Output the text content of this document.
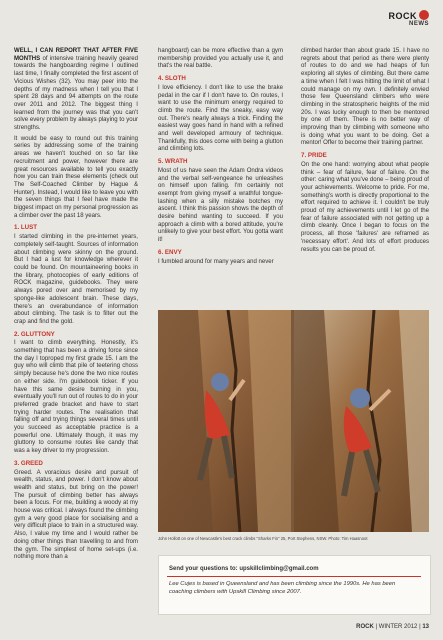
ROCK
NEWS

WELL, I CAN REPORT THAT AFTER FIVE MONTHS of intensive training heavily geared towards the hangboarding regime I outlined last time, I finally completed the first ascent of Vicious Wishes (32). You may peer into the depths of my madness when I tell you that I spent 28 days and 94 attempts on the route over 2011 and 2012. The biggest thing I learned from the journey was that you can't solve every problem by always playing to your strengths.

It would be easy to round out this training series by addressing some of the training areas we haven't touched on so far like recruitment and power, however there are great resources available to tell you exactly how you can train these elements (check out The Self-Coached Climber by Hague & Hunter). Instead, I would like to leave you with the seven things that I feel have made the biggest impact on my personal progression as a climber over the past 18 years.

1. LUST

I started climbing in the pre-internet years, completely self-taught. Sources of information about climbing were skinny on the ground. But I had a lust for knowledge wherever it could be found. On mountaineering books in the library, photocopies of early editions of ROCK magazine, guidebooks. They were always pored over and memorised by my sponge-like adolescent brain. These days, there's an overabundance of information about climbing. The task is to filter out the crap and find the gold.

2. GLUTTONY

I want to climb everything. Honestly, it's something that has been a driving force since the day I toproped my first grade 15. I am the guy who will climb that pile of teetering choss simply because he's done the two nice routes on either side. I'm guidebook ticker. If you have this same desire burning in you, eventually you'll run out of routes to do in your preferred grade bracket and have to start trying harder routes. The realisation that falling off and trying things several times until you succeed as acceptable practice is a powerful one. Ultimately though, it was my gluttony to consume routes like candy that was a key driver to my progression.

3. GREED

Greed. A voracious desire and pursuit of wealth, status, and power. I don't know about wealth and status, but bring on the power! The pursuit of climbing better has always been a focus. For me, building a woody at my house was critical. I always found the climbing gym a very good place for socialising and a very difficult place to train in a structured way. Also, I value my time and I would rather be doing other things than travelling to and from the gym. The simplest of home set-ups (i.e. nothing more than a

hangboard) can be more effective than a gym membership provided you actually use it, and that's the real battle.

4. SLOTH

I love efficiency. I don't like to use the brake pedal in the car if I don't have to. On routes, I want to use the minimum energy required to climb the route. Find the sneaky, easy way out. There's nearly always a trick. Finding the easiest way goes hand in hand with a refined and well developed armoury of technique. Thankfully, this does come with being a glutton and climbing lots.

5. WRATH

Most of us have seen the Adam Ondra videos and the verbal self-vengeance he unleashes on himself upon falling. I'm certainly not exempt from giving myself a wrathful tongue-lashing when a silly mistake botches my ascent. I think this passion shows the depth of desire behind wanting to succeed. If you approach a climb with a bored attitude, you're unlikely to give your best effort. You gotta want it!

6. ENVY

I fumbled around for many years and never

climbed harder than about grade 15. I have no regrets about that period as there were plenty of routes to do and we had heaps of fun exploring all styles of climbing. But there came a time when I felt I was hitting the limit of what I could manage on my own. I definitely envied those few Queensland climbers who were climbing in the stratospheric heights of the mid 20s. I was lucky enough to then be mentored by one of them. There is no better way of improving than by climbing with someone who is doing what you want to be doing. Get a mentor! Offer to become their training partner.

7. PRIDE

On the one hand: worrying about what people think – fear of failure, fear of failure. On the other: caring what you've done – being proud of your achievements. Welcome to pride. For me, something's worth is directly proportional to the effort required to achieve it. I couldn't be truly proud of my achievements until I let go of the fear of failure associated with not getting up a climb cleanly. Once I began to focus on the process, all those 'failures' are reframed as 'necessary effort'. And lots of effort produces results you can be proud of.

John Hollott on one of Newcastle's best crack climbs "Sharks Fin" 25, Port Stephens, NSW. Photo: Tim Haasnoot
Send your questions to: upskillclimbing@gmail.com
Lee Cujes is based in Queensland and has been climbing since the 1990s. He has been coaching climbers with Upskill Climbing since 2007.
ROCK | WINTER 2012 | 13
